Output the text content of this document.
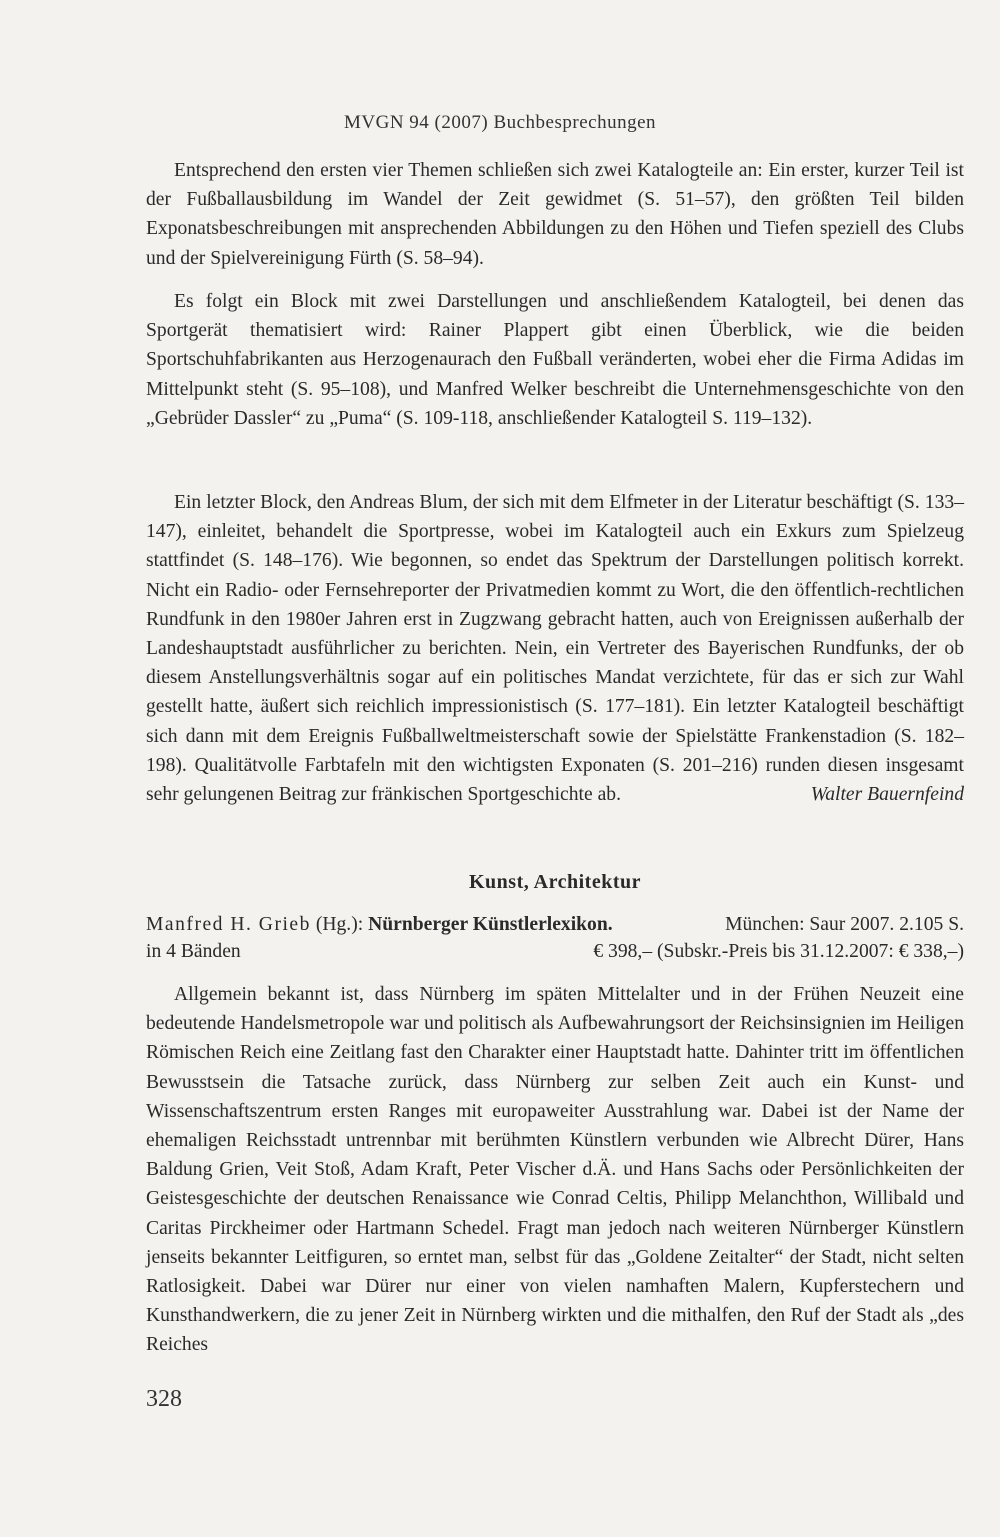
MVGN 94 (2007) Buchbesprechungen

Entsprechend den ersten vier Themen schließen sich zwei Katalogteile an: Ein erster, kurzer Teil ist der Fußballausbildung im Wandel der Zeit gewidmet (S. 51–57), den größten Teil bilden Exponatsbeschreibungen mit ansprechenden Abbildungen zu den Höhen und Tiefen speziell des Clubs und der Spielvereinigung Fürth (S. 58–94).

Es folgt ein Block mit zwei Darstellungen und anschließendem Katalogteil, bei denen das Sportgerät thematisiert wird: Rainer Plappert gibt einen Überblick, wie die beiden Sportschuhfabrikanten aus Herzogenaurach den Fußball veränderten, wobei eher die Firma Adidas im Mittelpunkt steht (S. 95–108), und Manfred Welker beschreibt die Unternehmensgeschichte von den „Gebrüder Dassler“ zu „Puma“ (S. 109-118, anschließender Katalogteil S. 119–132).

Ein letzter Block, den Andreas Blum, der sich mit dem Elfmeter in der Literatur beschäftigt (S. 133–147), einleitet, behandelt die Sportpresse, wobei im Katalogteil auch ein Exkurs zum Spielzeug stattfindet (S. 148–176). Wie begonnen, so endet das Spektrum der Darstellungen politisch korrekt. Nicht ein Radio- oder Fernsehreporter der Privatmedien kommt zu Wort, die den öffentlich-rechtlichen Rundfunk in den 1980er Jahren erst in Zugzwang gebracht hatten, auch von Ereignissen außerhalb der Landeshauptstadt ausführlicher zu berichten. Nein, ein Vertreter des Bayerischen Rundfunks, der ob diesem Anstellungsverhältnis sogar auf ein politisches Mandat verzichtete, für das er sich zur Wahl gestellt hatte, äußert sich reichlich impressionistisch (S. 177–181). Ein letzter Katalogteil beschäftigt sich dann mit dem Ereignis Fußballweltmeisterschaft sowie der Spielstätte Frankenstadion (S. 182–198). Qualitätvolle Farbtafeln mit den wichtigsten Exponaten (S. 201–216) runden diesen insgesamt sehr gelungenen Beitrag zur fränkischen Sportgeschichte ab.	Walter Bauernfeind

Kunst, Architektur
Manfred H. Grieb (Hg.): Nürnberger Künstlerlexikon.	München: Saur 2007. 2.105 S.
in 4 Bänden	€ 398,– (Subskr.-Preis bis 31.12.2007: € 338,–)

Allgemein bekannt ist, dass Nürnberg im späten Mittelalter und in der Frühen Neuzeit eine bedeutende Handelsmetropole war und politisch als Aufbewahrungsort der Reichsinsignien im Heiligen Römischen Reich eine Zeitlang fast den Charakter einer Hauptstadt hatte. Dahinter tritt im öffentlichen Bewusstsein die Tatsache zurück, dass Nürnberg zur selben Zeit auch ein Kunst- und Wissenschaftszentrum ersten Ranges mit europaweiter Ausstrahlung war. Dabei ist der Name der ehemaligen Reichsstadt untrennbar mit berühmten Künstlern verbunden wie Albrecht Dürer, Hans Baldung Grien, Veit Stoß, Adam Kraft, Peter Vischer d.Ä. und Hans Sachs oder Persönlichkeiten der Geistesgeschichte der deutschen Renaissance wie Conrad Celtis, Philipp Melanchthon, Willibald und Caritas Pirckheimer oder Hartmann Schedel. Fragt man jedoch nach weiteren Nürnberger Künstlern jenseits bekannter Leitfiguren, so erntet man, selbst für das „Goldene Zeitalter“ der Stadt, nicht selten Ratlosigkeit. Dabei war Dürer nur einer von vielen namhaften Malern, Kupferstechern und Kunsthandwerkern, die zu jener Zeit in Nürnberg wirkten und die mithalfen, den Ruf der Stadt als „des Reiches

328
